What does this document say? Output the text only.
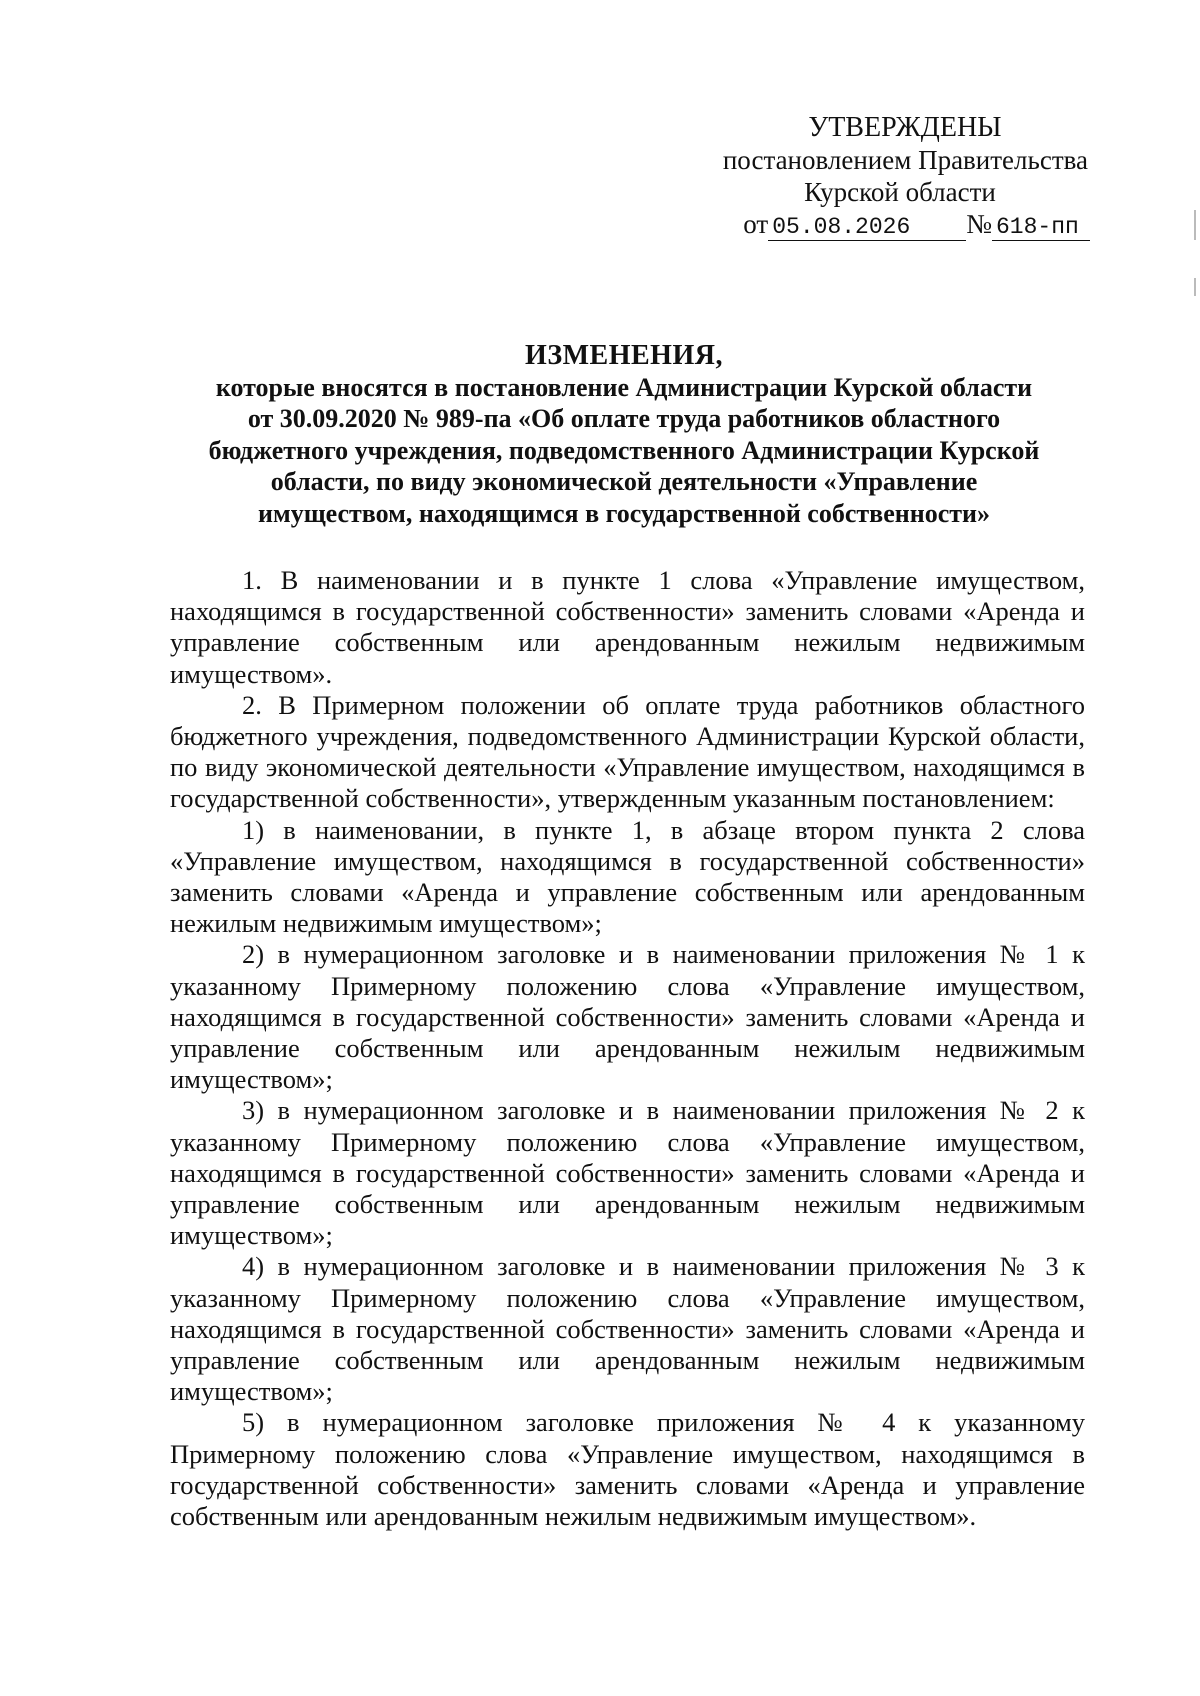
УТВЕРЖДЕНЫ
постановлением Правительства
Курской области
от 05.08.2026 № 618-пп
ИЗМЕНЕНИЯ,
которые вносятся в постановление Администрации Курской области
от 30.09.2020 № 989-па «Об оплате труда работников областного
бюджетного учреждения, подведомственного Администрации Курской
области, по виду экономической деятельности «Управление
имуществом, находящимся в государственной собственности»

1. В наименовании и в пункте 1 слова «Управление имуществом, находящимся в государственной собственности» заменить словами «Аренда и управление собственным или арендованным нежилым недвижимым имуществом».

2. В Примерном положении об оплате труда работников областного бюджетного учреждения, подведомственного Администрации Курской области, по виду экономической деятельности «Управление имуществом, находящимся в государственной собственности», утвержденным указанным постановлением:

1) в наименовании, в пункте 1, в абзаце втором пункта 2 слова «Управление имуществом, находящимся в государственной собственности» заменить словами «Аренда и управление собственным или арендованным нежилым недвижимым имуществом»;

2) в нумерационном заголовке и в наименовании приложения № 1 к указанному Примерному положению слова «Управление имуществом, находящимся в государственной собственности» заменить словами «Аренда и управление собственным или арендованным нежилым недвижимым имуществом»;

3) в нумерационном заголовке и в наименовании приложения № 2 к указанному Примерному положению слова «Управление имуществом, находящимся в государственной собственности» заменить словами «Аренда и управление собственным или арендованным нежилым недвижимым имуществом»;

4) в нумерационном заголовке и в наименовании приложения № 3 к указанному Примерному положению слова «Управление имуществом, находящимся в государственной собственности» заменить словами «Аренда и управление собственным или арендованным нежилым недвижимым имуществом»;

5) в нумерационном заголовке приложения № 4 к указанному Примерному положению слова «Управление имуществом, находящимся в государственной собственности» заменить словами «Аренда и управление собственным или арендованным нежилым недвижимым имуществом».
